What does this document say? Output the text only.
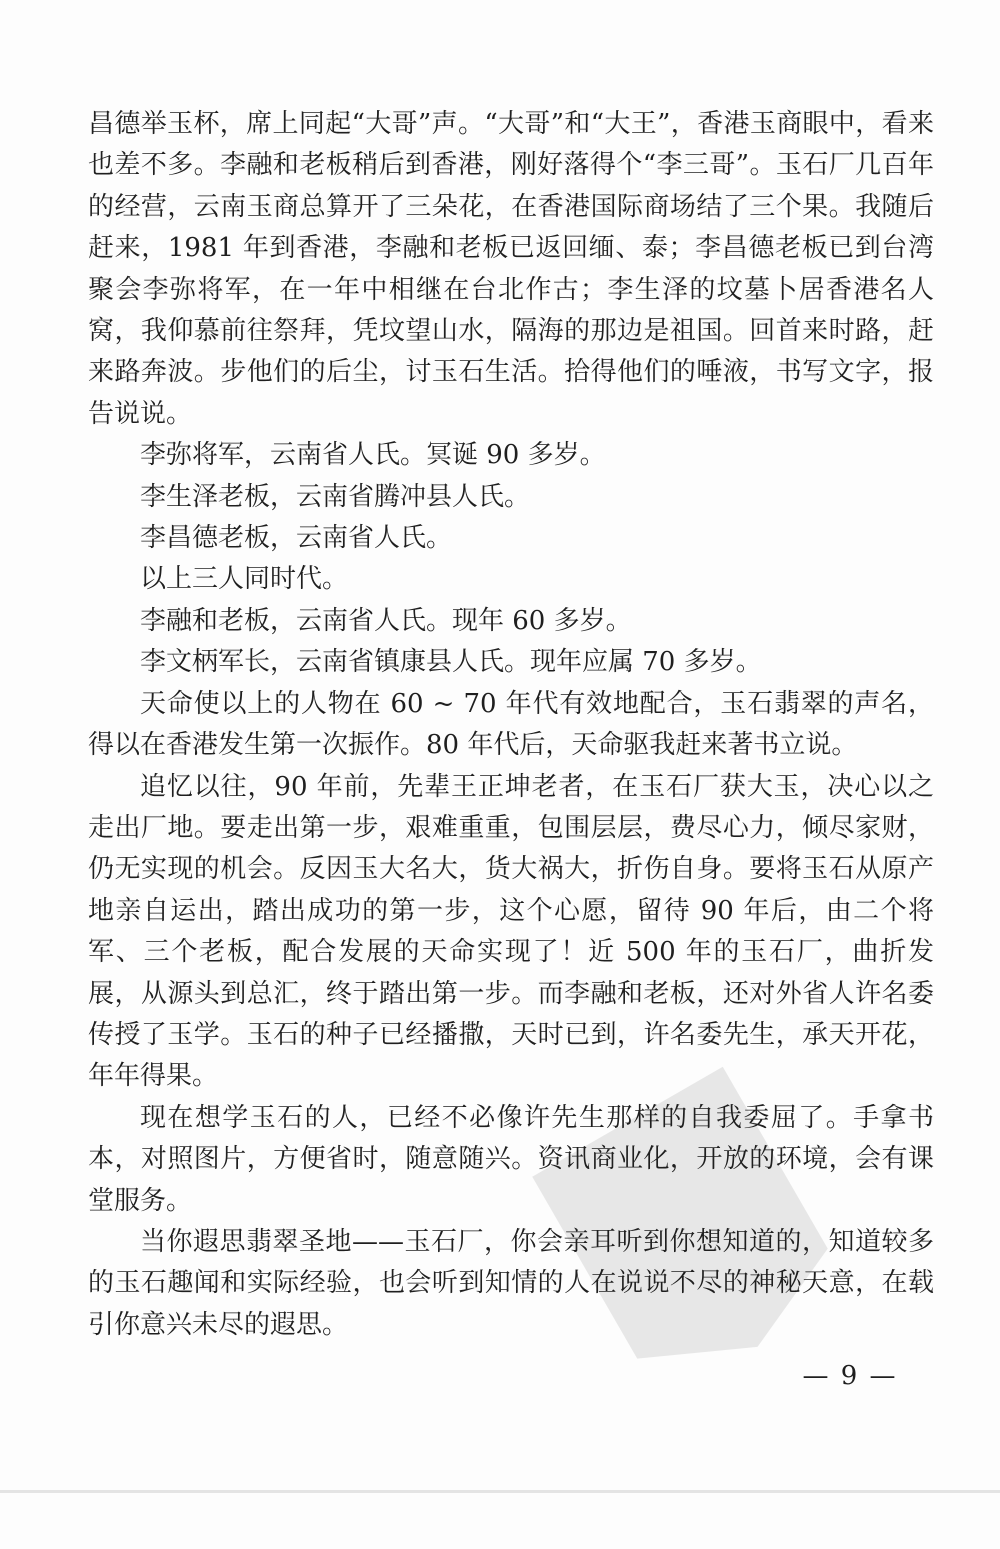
昌德举玉杯，席上同起“大哥”声。“大哥”和“大王”，香港玉商眼中，看来也差不多。李融和老板稍后到香港，刚好落得个“李三哥”。玉石厂几百年的经营，云南玉商总算开了三朵花，在香港国际商场结了三个果。我随后赶来，1981 年到香港，李融和老板已返回缅、泰；李昌德老板已到台湾聚会李弥将军，在一年中相继在台北作古；李生泽的坟墓卜居香港名人窝，我仰慕前往祭拜，凭坟望山水，隔海的那边是祖国。回首来时路，赶来路奔波。步他们的后尘，讨玉石生活。拾得他们的唾液，书写文字，报告说说。

李弥将军，云南省人氏。冥诞 90 多岁。

李生泽老板，云南省腾冲县人氏。

李昌德老板，云南省人氏。

以上三人同时代。

李融和老板，云南省人氏。现年 60 多岁。

李文柄军长，云南省镇康县人氏。现年应属 70 多岁。

天命使以上的人物在 60 ~ 70 年代有效地配合，玉石翡翠的声名，得以在香港发生第一次振作。80 年代后，天命驱我赶来著书立说。

追忆以往，90 年前，先辈王正坤老者，在玉石厂获大玉，决心以之走出厂地。要走出第一步，艰难重重，包围层层，费尽心力，倾尽家财，仍无实现的机会。反因玉大名大，货大祸大，折伤自身。要将玉石从原产地亲自运出，踏出成功的第一步，这个心愿，留待 90 年后，由二个将军、三个老板，配合发展的天命实现了！近 500 年的玉石厂，曲折发展，从源头到总汇，终于踏出第一步。而李融和老板，还对外省人许名委传授了玉学。玉石的种子已经播撒，天时已到，许名委先生，承天开花，年年得果。

现在想学玉石的人，已经不必像许先生那样的自我委屈了。手拿书本，对照图片，方便省时，随意随兴。资讯商业化，开放的环境，会有课堂服务。

当你遐思翡翠圣地——玉石厂，你会亲耳听到你想知道的，知道较多的玉石趣闻和实际经验，也会听到知情的人在说说不尽的神秘天意，在载引你意兴未尽的遐思。

— 9 —
